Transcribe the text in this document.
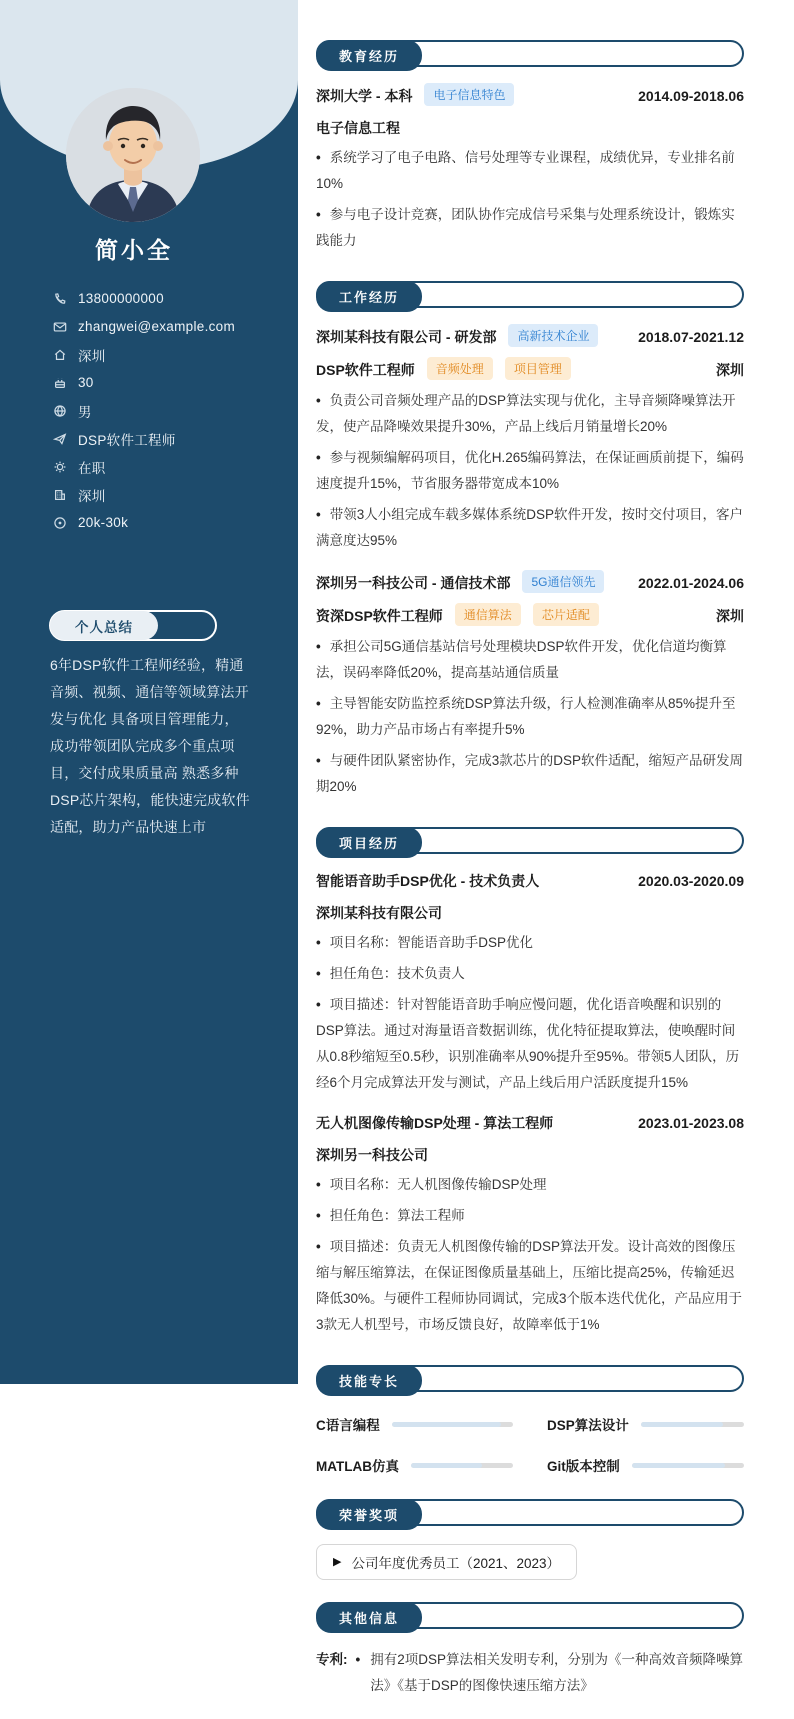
简小全
13800000000
zhangwei@example.com
深圳
30
男
DSP软件工程师
在职
深圳
20k-30k
个人总结
6年DSP软件工程师经验，精通音频、视频、通信等领域算法开发与优化 具备项目管理能力，成功带领团队完成多个重点项目，交付成果质量高 熟悉多种DSP芯片架构，能快速完成软件适配，助力产品快速上市
教育经历
深圳大学 - 本科	电子信息特色	2014.09-2018.06
电子信息工程
• 系统学习了电子电路、信号处理等专业课程，成绩优异，专业排名前10%
• 参与电子设计竞赛，团队协作完成信号采集与处理系统设计，锻炼实践能力
工作经历
深圳某科技有限公司 - 研发部	高新技术企业	2018.07-2021.12
DSP软件工程师	音频处理	项目管理	深圳
• 负责公司音频处理产品的DSP算法实现与优化，主导音频降噪算法开发，使产品降噪效果提升30%，产品上线后月销量增长20%
• 参与视频编解码项目，优化H.265编码算法，在保证画质前提下，编码速度提升15%，节省服务器带宽成本10%
• 带领3人小组完成车载多媒体系统DSP软件开发，按时交付项目，客户满意度达95%
深圳另一科技公司 - 通信技术部	5G通信领先	2022.01-2024.06
资深DSP软件工程师	通信算法	芯片适配	深圳
• 承担公司5G通信基站信号处理模块DSP软件开发，优化信道均衡算法，误码率降低20%，提高基站通信质量
• 主导智能安防监控系统DSP算法升级，行人检测准确率从85%提升至92%，助力产品市场占有率提升5%
• 与硬件团队紧密协作，完成3款芯片的DSP软件适配，缩短产品研发周期20%
项目经历
智能语音助手DSP优化 - 技术负责人	2020.03-2020.09
深圳某科技有限公司
• 项目名称：智能语音助手DSP优化
• 担任角色：技术负责人
• 项目描述：针对智能语音助手响应慢问题，优化语音唤醒和识别的DSP算法。通过对海量语音数据训练，优化特征提取算法，使唤醒时间从0.8秒缩短至0.5秒，识别准确率从90%提升至95%。带领5人团队，历经6个月完成算法开发与测试，产品上线后用户活跃度提升15%
无人机图像传输DSP处理 - 算法工程师	2023.01-2023.08
深圳另一科技公司
• 项目名称：无人机图像传输DSP处理
• 担任角色：算法工程师
• 项目描述：负责无人机图像传输的DSP算法开发。设计高效的图像压缩与解压缩算法，在保证图像质量基础上，压缩比提高25%，传输延迟降低30%。与硬件工程师协同调试，完成3个版本迭代优化，产品应用于3款无人机型号，市场反馈良好，故障率低于1%
技能专长
C语言编程	DSP算法设计
MATLAB仿真	Git版本控制
荣誉奖项
▶ 公司年度优秀员工（2021、2023）
其他信息
专利: • 拥有2项DSP算法相关发明专利，分别为《一种高效音频降噪算法》《基于DSP的图像快速压缩方法》
